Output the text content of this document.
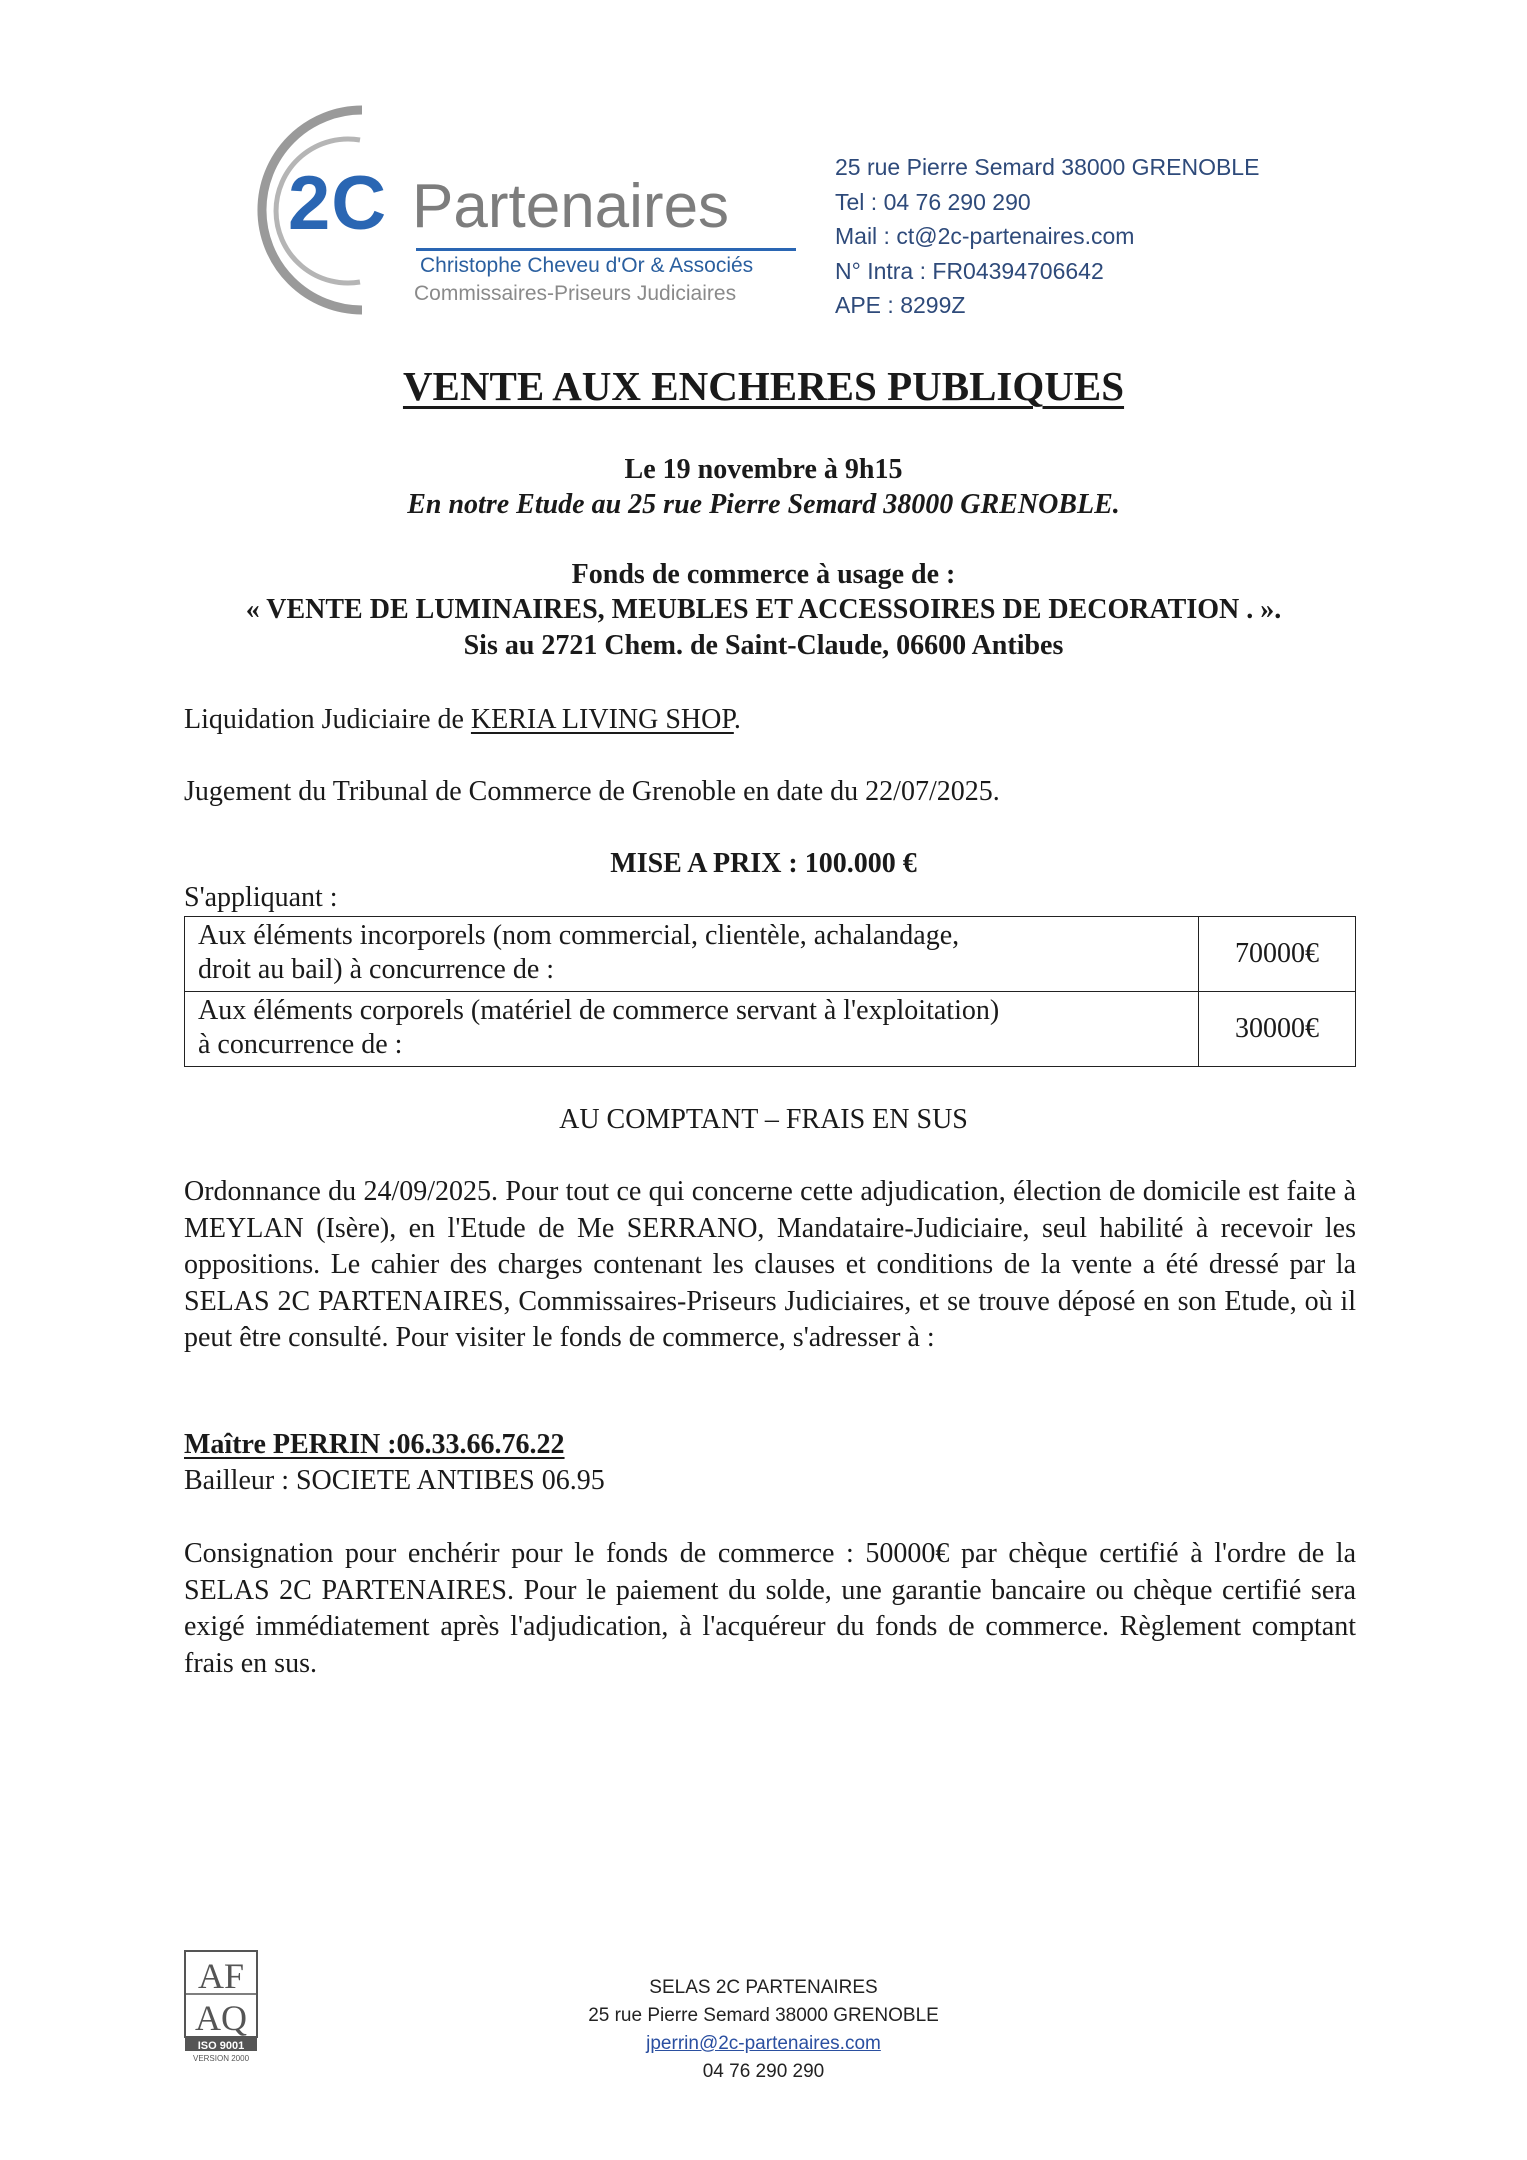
2C Partenaires
Christophe Cheveu d'Or & Associés
Commissaires-Priseurs Judiciaires
25 rue Pierre Semard 38000 GRENOBLE
Tel : 04 76 290 290
Mail : ct@2c-partenaires.com
N° Intra : FR04394706642
APE : 8299Z
VENTE AUX ENCHERES PUBLIQUES
Le 19 novembre à 9h15
En notre Etude au 25 rue Pierre Semard 38000 GRENOBLE.
Fonds de commerce à usage de :
« VENTE DE LUMINAIRES, MEUBLES ET ACCESSOIRES DE DECORATION . ».
Sis au 2721 Chem. de Saint-Claude, 06600 Antibes
Liquidation Judiciaire de KERIA LIVING SHOP.
Jugement du Tribunal de Commerce de Grenoble en date du 22/07/2025.
MISE A PRIX : 100.000 €
S'appliquant :
Aux éléments incorporels (nom commercial, clientèle, achalandage,
droit au bail) à concurrence de :	70000€

Aux éléments corporels (matériel de commerce servant à l'exploitation)
à concurrence de :	30000€
AU COMPTANT – FRAIS EN SUS
Ordonnance du 24/09/2025. Pour tout ce qui concerne cette adjudication, élection de domicile est faite à MEYLAN (Isère), en l'Etude de Me SERRANO, Mandataire-Judiciaire, seul habilité à recevoir les oppositions. Le cahier des charges contenant les clauses et conditions de la vente a été dressé par la SELAS 2C PARTENAIRES, Commissaires-Priseurs Judiciaires, et se trouve déposé en son Etude, où il peut être consulté. Pour visiter le fonds de commerce, s'adresser à :
Maître PERRIN :06.33.66.76.22
Bailleur : SOCIETE ANTIBES 06.95
Consignation pour enchérir pour le fonds de commerce : 50000€ par chèque certifié à l'ordre de la SELAS 2C PARTENAIRES. Pour le paiement du solde, une garantie bancaire ou chèque certifié sera exigé immédiatement après l'adjudication, à l'acquéreur du fonds de commerce. Règlement comptant frais en sus.
AF
AQ
ISO 9001
VERSION 2000
SELAS 2C PARTENAIRES
25 rue Pierre Semard 38000 GRENOBLE
jperrin@2c-partenaires.com
04 76 290 290
